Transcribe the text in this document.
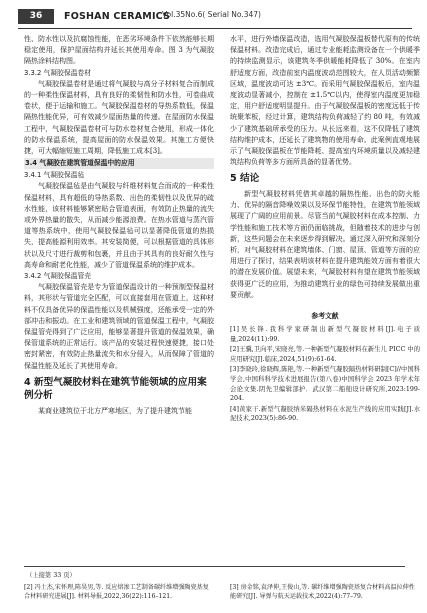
36	FOSHAN CERAMICS
Vol.35No.6( Serial No.347)

性、防水性以及抗腐蚀性能，在恶劣环境条件下依然能够长期稳定使用，保护屋面结构并延长其使用寿命。图 3 为气凝胶隔热涂料结构图。

3.3.2 气凝胶保温卷材

气凝胶保温卷材是通过将气凝胶与高分子材料复合而制成的一种柔性保温材料，具有良好的柔韧性和防水性，可卷曲成卷状，便于运输和施工。气凝胶保温卷材的导热系数低，保温隔热性能优异，可有效减少屋面热量的传递。在屋面防水保温工程中，气凝胶保温卷材可与防水卷材复合使用，形成一体化的防水保温系统，提高屋面的防水保温效果。其施工方便快捷，可大幅缩短施工周期，降低施工成本[3]。

3.4 气凝胶在建筑管道保温中的应用

3.4.1 气凝胶保温毡

气凝胶保温毡是由气凝胶与纤维材料复合而成的一种柔性保温材料，具有超低的导热系数、出色的柔韧性以及优异的疏水性能，该材料能够紧密贴合管道表面，有效防止热量的流失或外界热量的散失，从而减少能源浪费。在热水管道与蒸汽管道等热系统中，使用气凝胶保温毡可以显著降低管道的热损失，提高能源利用效率。其安装简便，可以根据管道的具体形状以及尺寸进行裁剪和包裹，并且由于其具有的良好耐久性与高寿命和耐老化性能，减少了管道保温系统的维护成本。

3.4.2 气凝胶保温管壳

气凝胶保温管壳是专为管道保温设计的一种预制型保温材料，其形状与管道完全匹配，可以直接套用在管道上，这种材料不仅具备优异的保温性能以及机械强度，还能承受一定的外部冲击和振动。在工业和建筑领域的管道保温工程中，气凝胶保温管壳得到了广泛应用，能够显著提升管道的保温效果，确保管道系统的正常运行。该产品的安装过程快速便捷，接口处密封紧密，有效防止热量流失和水分侵入，从而保障了管道的保温性能及延长了其使用寿命。

4 新型气凝胶材料在建筑节能领域的应用案例分析

某商业建筑位于北方严寒地区，为了提升建筑节能

水平，进行外墙保温改造，选用气凝胶保温板替代原有的传统保温材料。改造完成后，通过专业能耗监测设备在一个供暖季的持续监测显示，该建筑冬季供暖能耗降低了 30%。在室内舒适度方面，改造前室内温度波动范围较大，在人员活动频繁区域，温度波动可达 ±3℃。而采用气凝胶保温板后，室内温度波动显著减小，控制在 ±1.5℃以内，使得室内温度更加稳定，用户舒适度明显提升。由于气凝胶保温板的密度远低于传统聚苯板，经过计算，建筑结构负荷减轻了约 80 吨，有效减少了建筑基础所承受的压力。从长远来看，这不仅降低了建筑结构维护成本，还延长了建筑物的使用寿命。此案例直观地展示了气凝胶保温板在节能降耗、提高室内环境质量以及减轻建筑结构负荷等多方面所具备的显著优势。

5 结论

新型气凝胶材料凭借其卓越的隔热性能、出色的防火能力、优异的隔音降噪效果以及环保节能特性，在建筑节能领域展现了广阔的应用前景。尽管当前气凝胶材料在成本控制、力学性能和施工技术等方面仍面临挑战，但随着技术的进步与创新，这些问题会在未来逐步得到解决。通过深入研究和深刻分析，对气凝胶材料在建筑墙体、门窗、屋顶、管道等方面的应用进行了探讨，结果表明该材料在提升建筑能效方面有着很大的潜在发展价值。展望未来，气凝胶材料有望在建筑节能领域获得更广泛的应用，为推动建筑行业的绿色可持续发展做出重要贡献。

参考文献

[1]吴长锋.我科学家研制出新型气凝胶材料[J].电子质量,2024(11):99.

[2]王骥,卫向平,宋晓亮,等.一种新型气凝胶材料在新生儿 PICC 中的应用研究[J].临床,2024,51(9):61-64.

[3]李晓玲,徐晓辉,陈艳,等.一种新型气凝胶隔热材料研制[C]//中国科学会,中国科科学技术进展报告(第八卷)中国科学会 2023 年学术年会论文集.阴先卫编辑部护．武汉第二船舶设计研究所,2023:199-204.

[4]黄家干.新型气凝胶纳米隔热材料在水泥生产线的应用实践[J].水泥技术,2023(5):86-90.

（上接第 33 页）
[2] 冯士杰,宋怀理,陈昊男,等. 反应熔渗工艺制备碳纤维增强陶瓷基复合材料研究进展[J]. 材料导报,2022,36(22):116–121.
[3] 房金铭,袁泽伸,王俊山,等. 碳纤维增强陶瓷基复合材料高温拉伸性能研究[J]. 导弹与航天运载技术,2022(4):77–79.
